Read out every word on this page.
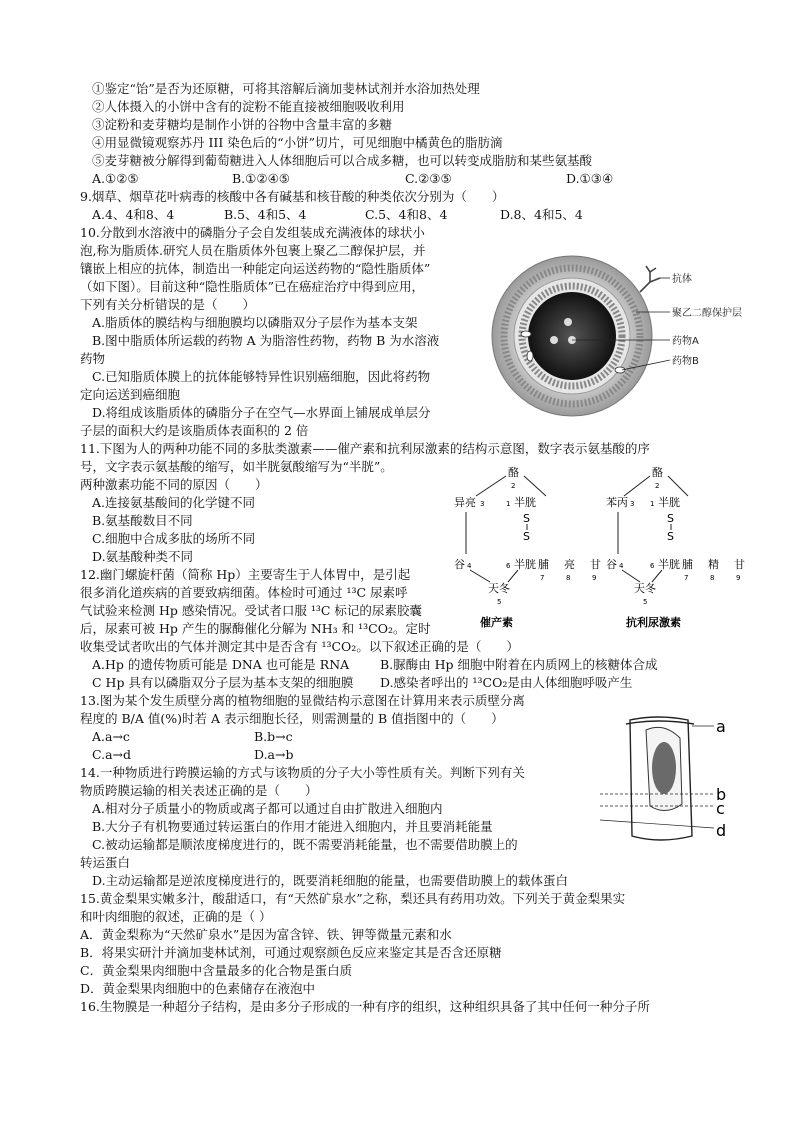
①鉴定“饴”是否为还原糖，可将其溶解后滴加斐林试剂并水浴加热处理
②人体摄入的小饼中含有的淀粉不能直接被细胞吸收利用
③淀粉和麦芽糖均是制作小饼的谷物中含量丰富的多糖
④用显微镜观察苏丹 III 染色后的“小饼”切片，可见细胞中橘黄色的脂肪滴
⑤麦芽糖被分解得到葡萄糖进入人体细胞后可以合成多糖，也可以转变成脂肪和某些氨基酸
A.①②⑤	B.①②④⑤	C.②③⑤	D.①③④
9.烟草、烟草花叶病毒的核酸中各有碱基和核苷酸的种类依次分别为（　　）
A.4、4和8、4	B.5、4和5、4	C.5、4和8、4	D.8、4和5、4
10.分散到水溶液中的磷脂分子会自发组装成充满液体的球状小
泡,称为脂质体.研究人员在脂质体外包裹上聚乙二醇保护层，并
镶嵌上相应的抗体，制造出一种能定向运送药物的“隐性脂质体”
（如下图）。目前这种“隐性脂质体”已在癌症治疗中得到应用，
下列有关分析错误的是（　　）
A.脂质体的膜结构与细胞膜均以磷脂双分子层作为基本支架
B.图中脂质体所运载的药物 A 为脂溶性药物，药物 B 为水溶液
药物
C.已知脂质体膜上的抗体能够特异性识别癌细胞，因此将药物
定向运送到癌细胞
D.将组成该脂质体的磷脂分子在空气—水界面上铺展成单层分
子层的面积大约是该脂质体表面积的 2 倍
抗体
聚乙二醇保护层
药物A
药物B
11.下图为人的两种功能不同的多肽类激素——催产素和抗利尿激素的结构示意图，数字表示氨基酸的序
号，文字表示氨基酸的缩写，如半胱氨酸缩写为“半胱”。
两种激素功能不同的原因（　　）
A.连接氨基酸间的化学键不同
B.氨基酸数目不同
C.细胞中合成多肽的场所不同
D.氨基酸种类不同
酪
2
异亮 3	1 半胱
S
S
谷 4	6 半胱 脯 亮 甘
7	8	9
天冬
5
催产素
酪
2
苯丙 3 1 半胱
S
S
谷 4	6 半胱 脯 精 甘
7	8	9
天冬
5
抗利尿激素
12.幽门螺旋杆菌（简称 Hp）主要寄生于人体胃中，是引起
很多消化道疾病的首要致病细菌。体检时可通过 ¹³C 尿素呼
气试验来检测 Hp 感染情况。受试者口服 ¹³C 标记的尿素胶囊
后，尿素可被 Hp 产生的脲酶催化分解为 NH₃ 和 ¹³CO₂。定时
收集受试者吹出的气体并测定其中是否含有 ¹³CO₂。以下叙述正确的是（　　）
A.Hp 的遗传物质可能是 DNA 也可能是 RNA B.脲酶由 Hp 细胞中附着在内质网上的核糖体合成
C Hp 具有以磷脂双分子层为基本支架的细胞膜 D.感染者呼出的 ¹³CO₂是由人体细胞呼吸产生
13.图为某个发生质壁分离的植物细胞的显微结构示意图在计算用来表示质壁分离
程度的 B/A 值(%)时若 A 表示细胞长径，则需测量的 B 值指图中的（　　）
A.a→c	B.b→c
C.a→d	D.a→b
a
b
c
d
14.一种物质进行跨膜运输的方式与该物质的分子大小等性质有关。判断下列有关
物质跨膜运输的相关表述正确的是（　　）
A.相对分子质量小的物质或离子都可以通过自由扩散进入细胞内
B.大分子有机物要通过转运蛋白的作用才能进入细胞内，并且要消耗能量
C.被动运输都是顺浓度梯度进行的，既不需要消耗能量，也不需要借助膜上的
转运蛋白
D.主动运输都是逆浓度梯度进行的，既要消耗细胞的能量，也需要借助膜上的载体蛋白
15.黄金梨果实嫩多汁，酸甜适口，有“天然矿泉水”之称，梨还具有药用功效。下列关于黄金梨果实
和叶肉细胞的叙述，正确的是（ ）
A．黄金梨称为“天然矿泉水”是因为富含锌、铁、钾等微量元素和水
B．将果实研汁并滴加斐林试剂，可通过观察颜色反应来鉴定其是否含还原糖
C．黄金梨果肉细胞中含量最多的化合物是蛋白质
D．黄金梨果肉细胞中的色素储存在液泡中
16.生物膜是一种超分子结构，是由多分子形成的一种有序的组织，这种组织具备了其中任何一种分子所
